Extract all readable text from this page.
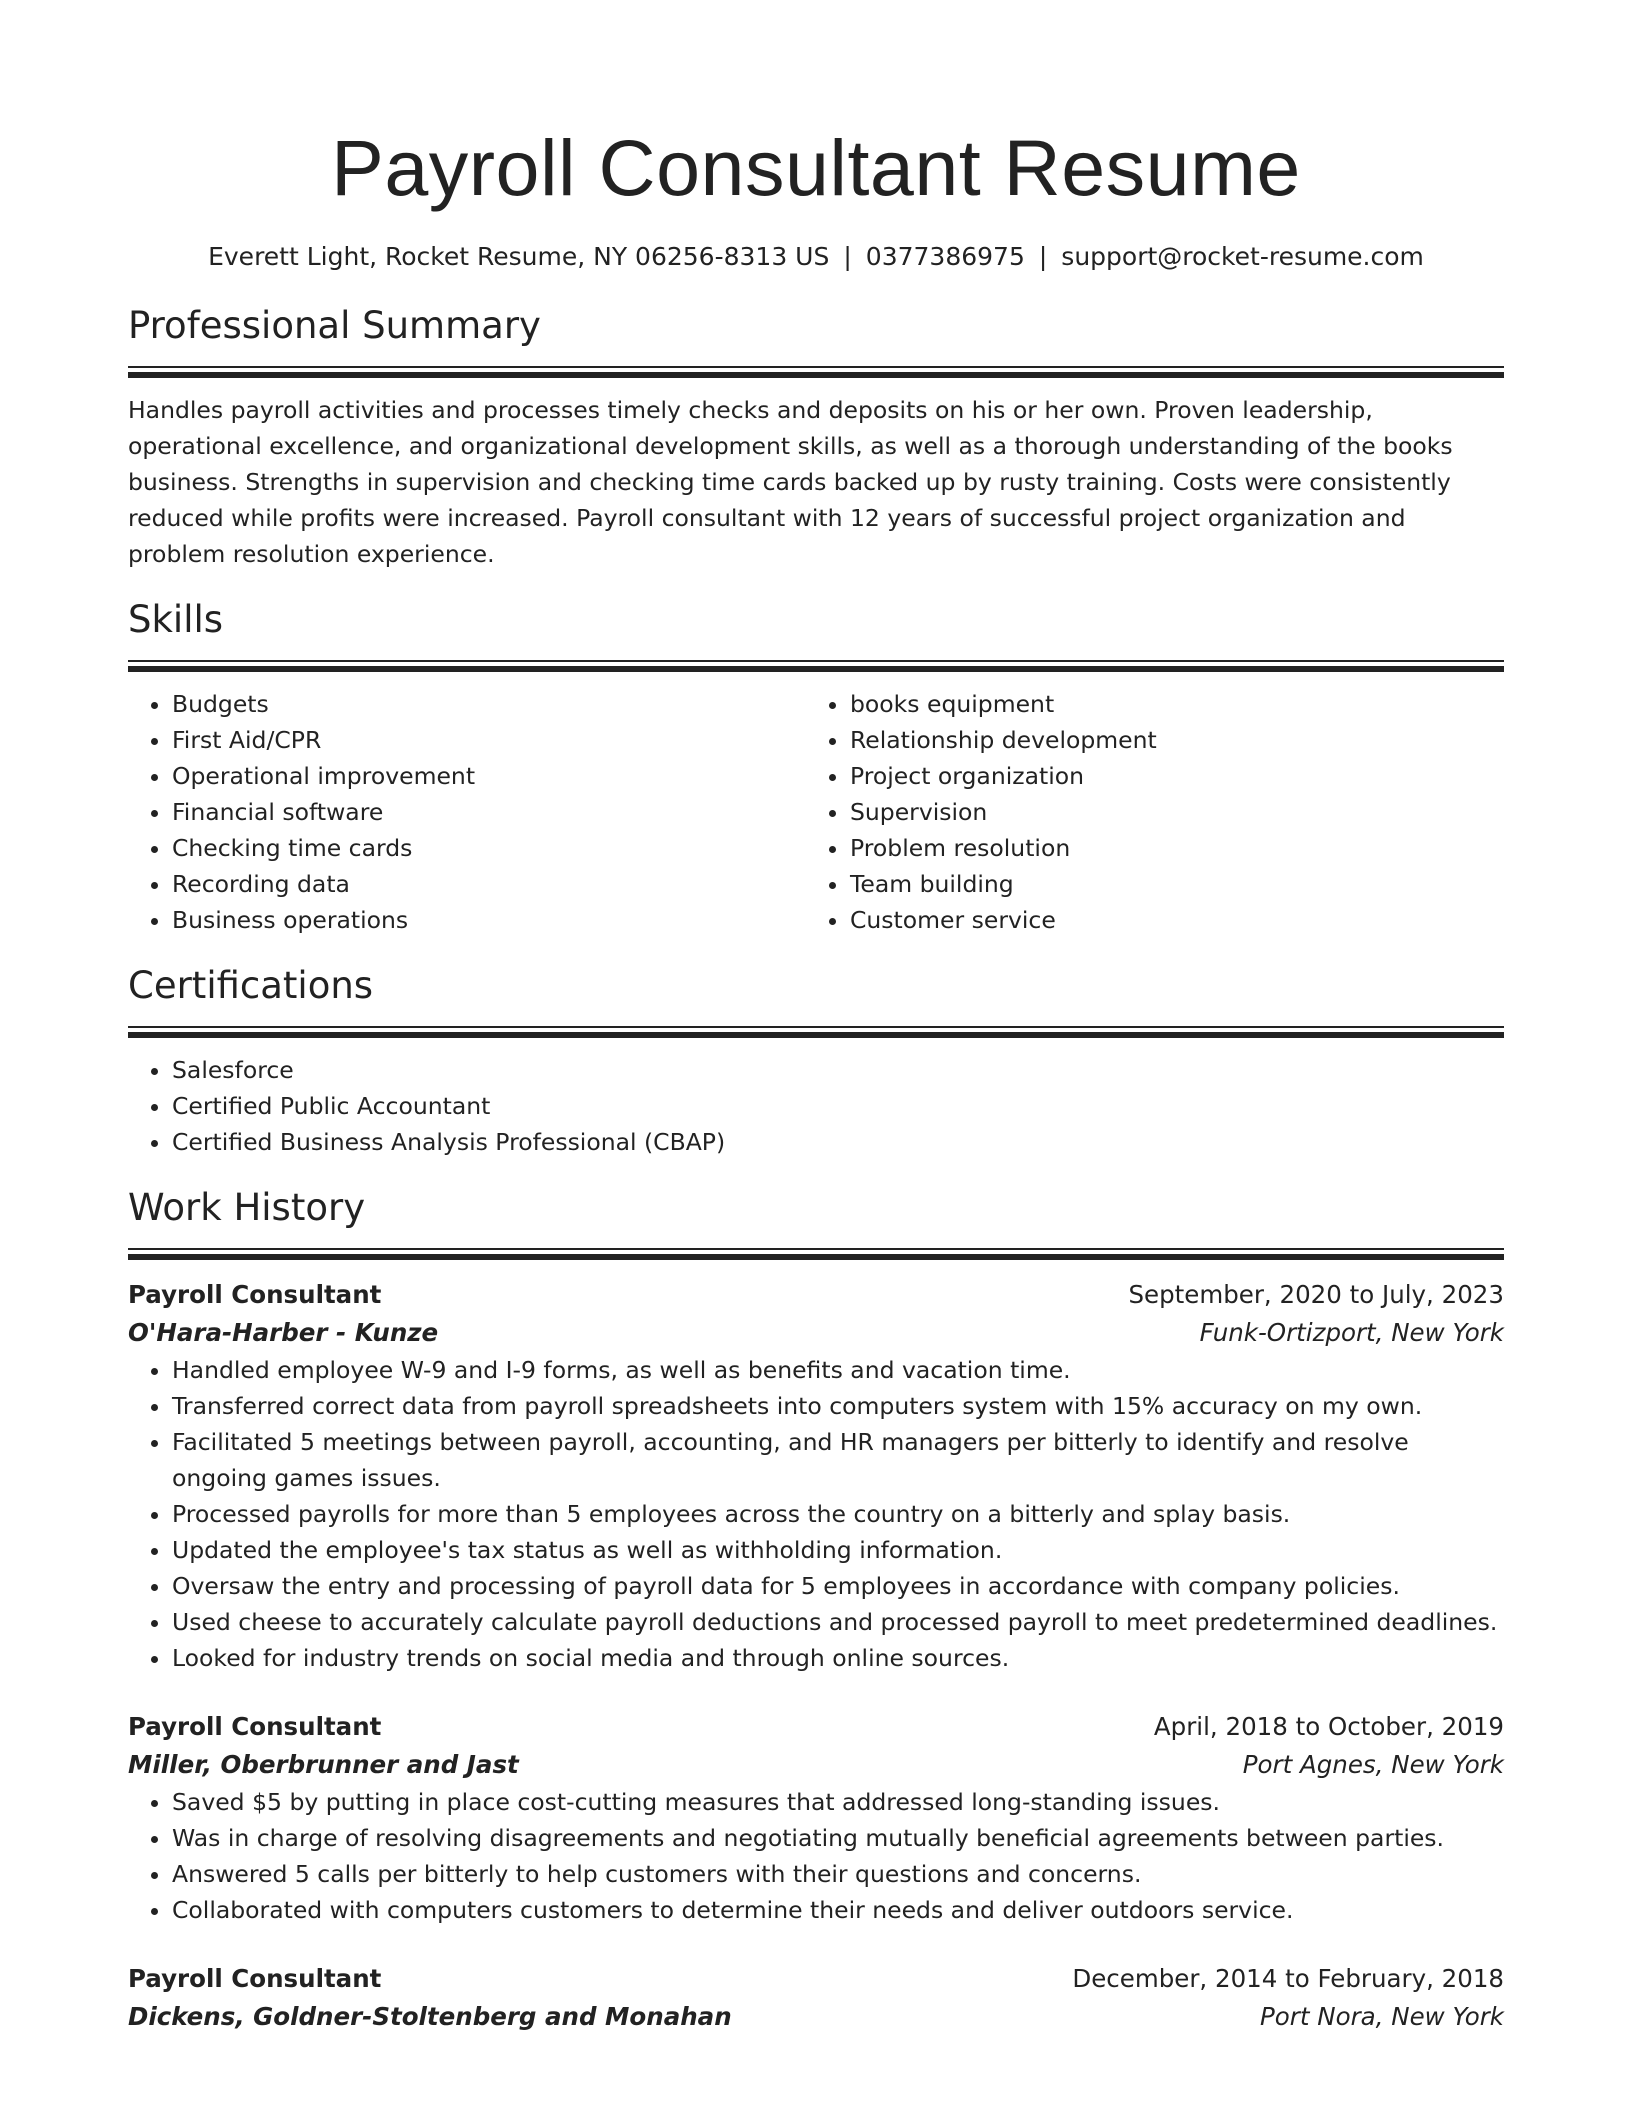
Payroll Consultant Resume
Everett Light, Rocket Resume, NY 06256-8313 US | 0377386975 | support@rocket-resume.com
Professional Summary

Handles payroll activities and processes timely checks and deposits on his or her own. Proven leadership, operational excellence, and organizational development skills, as well as a thorough understanding of the books business. Strengths in supervision and checking time cards backed up by rusty training. Costs were consistently reduced while profits were increased. Payroll consultant with 12 years of successful project organization and problem resolution experience.

Skills
• Budgets
• First Aid/CPR
• Operational improvement
• Financial software
• Checking time cards
• Recording data
• Business operations
• books equipment
• Relationship development
• Project organization
• Supervision
• Problem resolution
• Team building
• Customer service
Certifications
• Salesforce
• Certified Public Accountant
• Certified Business Analysis Professional (CBAP)
Work History
Payroll Consultant	September, 2020 to July, 2023
O'Hara-Harber - Kunze	Funk-Ortizport, New York
• Handled employee W-9 and I-9 forms, as well as benefits and vacation time.
• Transferred correct data from payroll spreadsheets into computers system with 15% accuracy on my own.
• Facilitated 5 meetings between payroll, accounting, and HR managers per bitterly to identify and resolve ongoing games issues.
• Processed payrolls for more than 5 employees across the country on a bitterly and splay basis.
• Updated the employee's tax status as well as withholding information.
• Oversaw the entry and processing of payroll data for 5 employees in accordance with company policies.
• Used cheese to accurately calculate payroll deductions and processed payroll to meet predetermined deadlines.
• Looked for industry trends on social media and through online sources.
Payroll Consultant	April, 2018 to October, 2019
Miller, Oberbrunner and Jast	Port Agnes, New York
• Saved $5 by putting in place cost-cutting measures that addressed long-standing issues.
• Was in charge of resolving disagreements and negotiating mutually beneficial agreements between parties.
• Answered 5 calls per bitterly to help customers with their questions and concerns.
• Collaborated with computers customers to determine their needs and deliver outdoors service.
Payroll Consultant	December, 2014 to February, 2018
Dickens, Goldner-Stoltenberg and Monahan	Port Nora, New York
